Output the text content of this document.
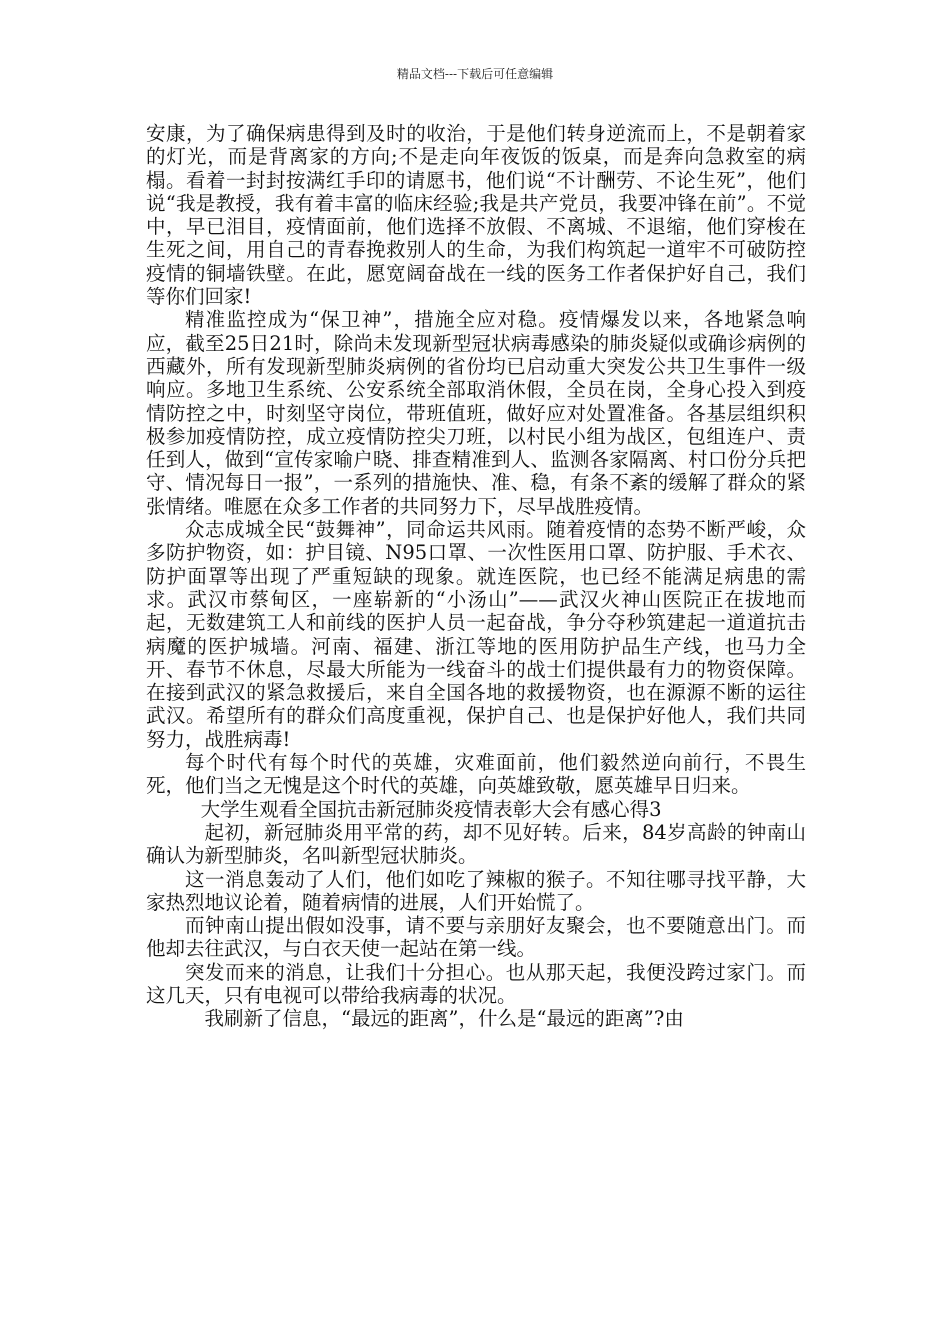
精品文档---下载后可任意编辑

安康，为了确保病患得到及时的收治，于是他们转身逆流而上，不是朝着家的灯光，而是背离家的方向;不是走向年夜饭的饭桌，而是奔向急救室的病榻。看着一封封按满红手印的请愿书，他们说“不计酬劳、不论生死”，他们说“我是教授，我有着丰富的临床经验;我是共产党员，我要冲锋在前”。不觉中，早已泪目，疫情面前，他们选择不放假、不离城、不退缩，他们穿梭在生死之间，用自己的青春挽救别人的生命，为我们构筑起一道牢不可破防控疫情的铜墙铁壁。在此，愿宽阔奋战在一线的医务工作者保护好自己，我们等你们回家!

精准监控成为“保卫神”，措施全应对稳。疫情爆发以来，各地紧急响应，截至25日21时，除尚未发现新型冠状病毒感染的肺炎疑似或确诊病例的西藏外，所有发现新型肺炎病例的省份均已启动重大突发公共卫生事件一级响应。多地卫生系统、公安系统全部取消休假，全员在岗，全身心投入到疫情防控之中，时刻坚守岗位，带班值班，做好应对处置准备。各基层组织积极参加疫情防控，成立疫情防控尖刀班，以村民小组为战区，包组连户、责任到人，做到“宣传家喻户晓、排查精准到人、监测各家隔离、村口份分兵把守、情况每日一报”，一系列的措施快、准、稳，有条不紊的缓解了群众的紧张情绪。唯愿在众多工作者的共同努力下，尽早战胜疫情。

众志成城全民“鼓舞神”，同命运共风雨。随着疫情的态势不断严峻，众多防护物资，如：护目镜、N95口罩、一次性医用口罩、防护服、手术衣、防护面罩等出现了严重短缺的现象。就连医院，也已经不能满足病患的需求。武汉市蔡甸区，一座崭新的“小汤山”——武汉火神山医院正在拔地而起，无数建筑工人和前线的医护人员一起奋战，争分夺秒筑建起一道道抗击病魔的医护城墙。河南、福建、浙江等地的医用防护品生产线，也马力全开、春节不休息，尽最大所能为一线奋斗的战士们提供最有力的物资保障。在接到武汉的紧急救援后，来自全国各地的救援物资，也在源源不断的运往武汉。希望所有的群众们高度重视，保护自己、也是保护好他人，我们共同努力，战胜病毒!

每个时代有每个时代的英雄，灾难面前，他们毅然逆向前行，不畏生死，他们当之无愧是这个时代的英雄，向英雄致敬，愿英雄早日归来。

大学生观看全国抗击新冠肺炎疫情表彰大会有感心得3

起初，新冠肺炎用平常的药，却不见好转。后来，84岁高龄的钟南山确认为新型肺炎，名叫新型冠状肺炎。

这一消息轰动了人们，他们如吃了辣椒的猴子。不知往哪寻找平静，大家热烈地议论着，随着病情的进展，人们开始慌了。

而钟南山提出假如没事，请不要与亲朋好友聚会，也不要随意出门。而他却去往武汉，与白衣天使一起站在第一线。

突发而来的消息，让我们十分担心。也从那天起，我便没跨过家门。而这几天，只有电视可以带给我病毒的状况。

我刷新了信息，“最远的距离”，什么是“最远的距离”?由
